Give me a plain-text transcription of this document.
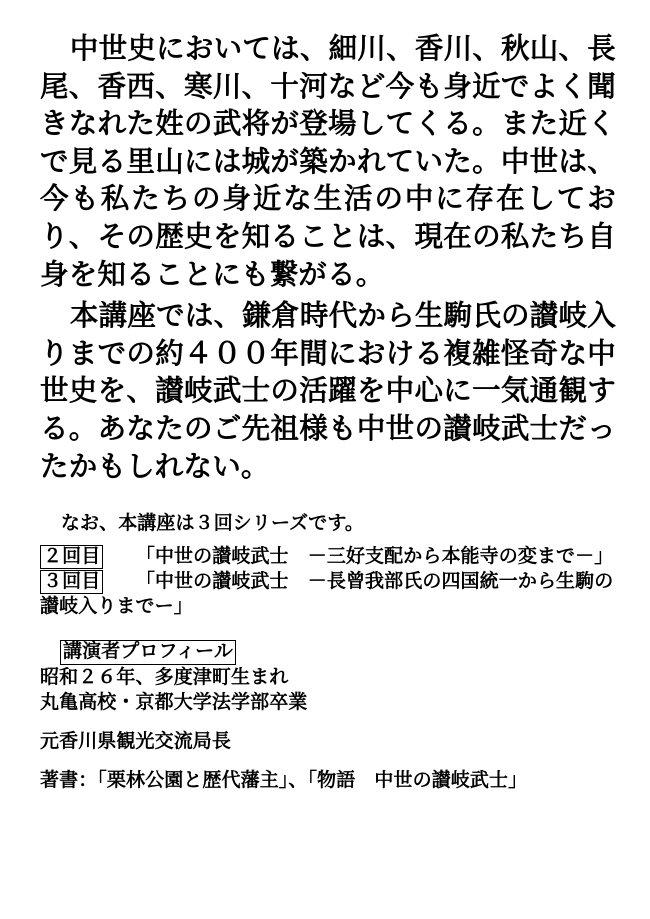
中世史においては、細川、香川、秋山、長尾、香西、寒川、十河など今も身近でよく聞きなれた姓の武将が登場してくる。また近くで見る里山には城が築かれていた。中世は、今も私たちの身近な生活の中に存在しており、その歴史を知ることは、現在の私たち自身を知ることにも繋がる。

本講座では、鎌倉時代から生駒氏の讃岐入りまでの約４００年間における複雑怪奇な中世史を、讃岐武士の活躍を中心に一気通観する。あなたのご先祖様も中世の讃岐武士だったかもしれない。

なお、本講座は３回シリーズです。

２回目 「中世の讃岐武士　－三好支配から本能寺の変まで－」

３回目 「中世の讃岐武士　－長曾我部氏の四国統一から生駒の讃岐入りまでー」

講演者プロフィール

昭和２６年、多度津町生まれ

丸亀高校・京都大学法学部卒業

元香川県観光交流局長

著書：「栗林公園と歴代藩主」、「物語　中世の讃岐武士」
